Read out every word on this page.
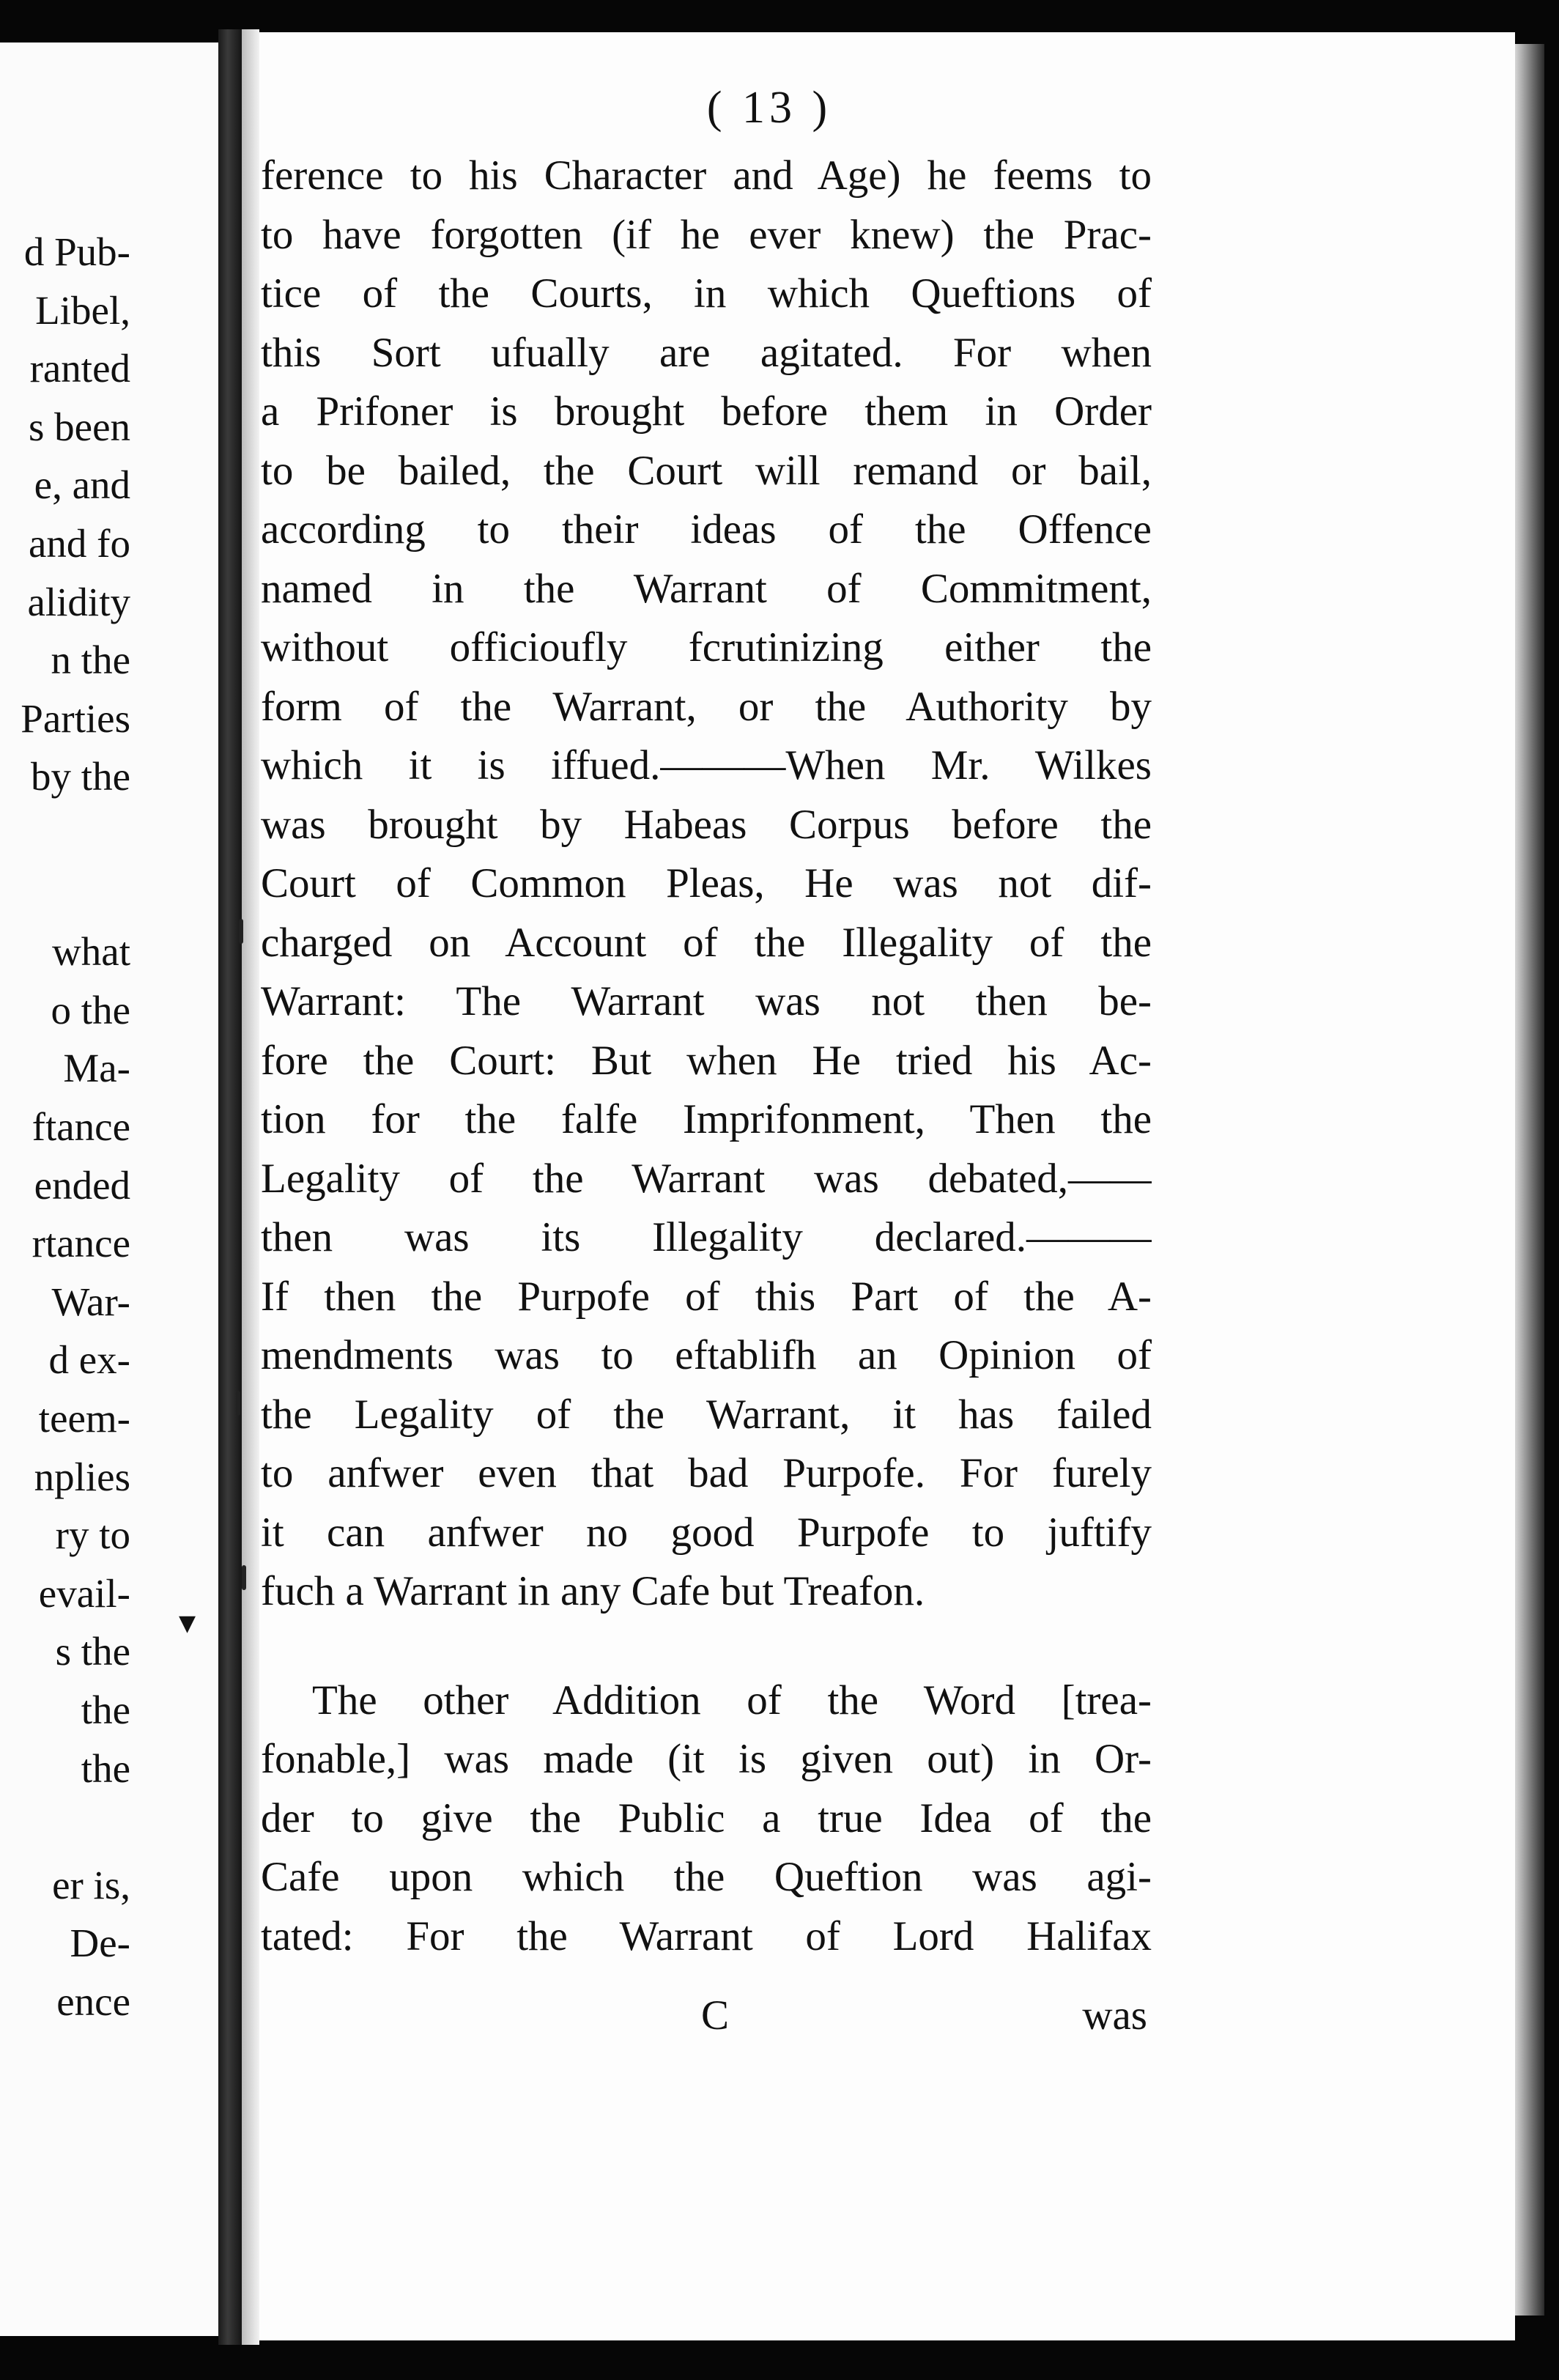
d Pub-
Libel,
ranted
s been
e, and
and fo
alidity
n the
Parties
by the
what
o the
Ma-
ftance
ended
rtance
War-
d ex-
teem-
nplies
ry to
evail-
s the
the
the
er is,
De-
ence
( 13 )
ference to his Character and Age) he feems to
to have forgotten (if he ever knew) the Prac-
tice of the Courts, in which Queftions of
this Sort ufually are agitated. For when
a Prifoner is brought before them in Order
to be bailed, the Court will remand or bail,
according to their ideas of the Offence
named in the Warrant of Commitment,
without officioufly fcrutinizing either the
form of the Warrant, or the Authority by
which it is iffued.———When Mr. Wilkes
was brought by Habeas Corpus before the
Court of Common Pleas, He was not dif-
charged on Account of the Illegality of the
Warrant: The Warrant was not then be-
fore the Court: But when He tried his Ac-
tion for the falfe Imprifonment, Then the
Legality of the Warrant was debated,——
then was its Illegality declared.———
If then the Purpofe of this Part of the A-
mendments was to eftablifh an Opinion of
the Legality of the Warrant, it has failed
to anfwer even that bad Purpofe. For furely
it can anfwer no good Purpofe to juftify
fuch a Warrant in any Cafe but Treafon.
The other Addition of the Word [trea-
fonable,] was made (it is given out) in Or-
der to give the Public a true Idea of the
Cafe upon which the Queftion was agi-
tated: For the Warrant of Lord Halifax
C	was
▼
